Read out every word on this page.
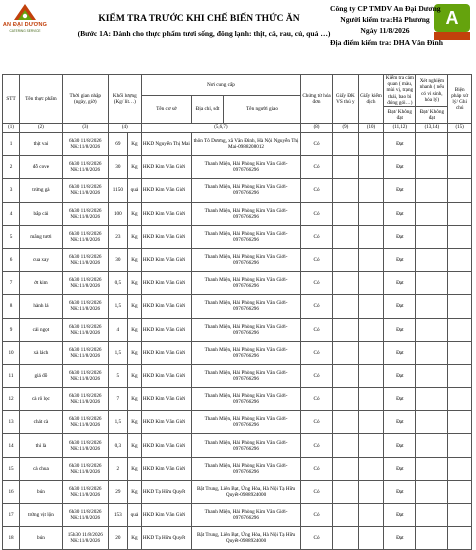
AN ĐẠI DƯƠNG
CATERING SERVICE
A
KIỂM TRA TRƯỚC KHI CHẾ BIẾN THỨC ĂN
(Bước 1A: Dành cho thực phẩm tươi sống, đông lạnh: thịt, cá, rau, củ, quả …)
Công ty CP TMDV An Đại Dương
Người kiểm tra:Hà Phương
Ngày 11/8/2026
Địa điểm kiểm tra: DHA Văn Đình
STT	Tên thực phẩm	Thời gian nhập (ngày, giờ)	Khối lượng (Kg/ lít…)		Nơi cung cấp			Chứng từ hóa đơn	Giấy ĐK VS thú y	Giấy kiểm dịch	Kiểm tra cảm quan ( màu, mùi vị, trạng thái, bao bì đóng gói…)	Xét nghiệm nhanh ( nếu có vi sinh, hóa lý)	Biện pháp xử lý/ Ghi chú
					Tên cơ sở	Địa chỉ, sđt	Tên người giao						
											Đạt/ Không đạt	Đạt/ Không đạt	
(1)	(2)	(3)	(4)		(5,6,7)			(8)	(9)	(10)	(11,12)	(13,14)	(15)
1	thịt vai	6h30 11/8/2026 NK:11/8/2026	69	Kg	HKD Nguyễn Thị Mai	thôn Tô Dương, xã Văn Đình, Hà Nội Nguyễn Thị Mai-0988208012		Có			Đạt		
2	đỗ cove	6h30 11/8/2026 NK:11/8/2026	30	Kg	HKD Kim Văn Giới	Thanh Miện, Hải Phòng Kim Văn Giới-0976766296		Có			Đạt		
3	trứng gà	6h30 11/8/2026 NK:11/8/2026	1150	quả	HKD Kim Văn Giới	Thanh Miện, Hải Phòng Kim Văn Giới-0976766296		Có			Đạt		
4	bắp cải	6h30 11/8/2026 NK:11/8/2026	100	Kg	HKD Kim Văn Giới	Thanh Miện, Hải Phòng Kim Văn Giới-0976766296		Có			Đạt		
5	măng tươi	6h30 11/8/2026 NK:11/8/2026	23	Kg	HKD Kim Văn Giới	Thanh Miện, Hải Phòng Kim Văn Giới-0976766296		Có			Đạt		
6	cua xay	6h30 11/8/2026 NK:11/8/2026	30	Kg	HKD Kim Văn Giới	Thanh Miện, Hải Phòng Kim Văn Giới-0976766296		Có			Đạt		
7	ớt kim	6h30 11/8/2026 NK:11/8/2026	0,5	Kg	HKD Kim Văn Giới	Thanh Miện, Hải Phòng Kim Văn Giới-0976766296		Có			Đạt		
8	hành lá	6h30 11/8/2026 NK:11/8/2026	1,5	Kg	HKD Kim Văn Giới	Thanh Miện, Hải Phòng Kim Văn Giới-0976766296		Có			Đạt		
9	cải ngọt	6h30 11/8/2026 NK:11/8/2026	4	Kg	HKD Kim Văn Giới	Thanh Miện, Hải Phòng Kim Văn Giới-0976766296		Có			Đạt		
10	xà lách	6h30 11/8/2026 NK:11/8/2026	1,5	Kg	HKD Kim Văn Giới	Thanh Miện, Hải Phòng Kim Văn Giới-0976766296		Có			Đạt		
11	giá đỗ	6h30 11/8/2026 NK:11/8/2026	5	Kg	HKD Kim Văn Giới	Thanh Miện, Hải Phòng Kim Văn Giới-0976766296		Có			Đạt		
12	cà rô lọc	6h30 11/8/2026 NK:11/8/2026	7	Kg	HKD Kim Văn Giới	Thanh Miện, Hải Phòng Kim Văn Giới-0976766296		Có			Đạt		
13	chát cà	6h30 11/8/2026 NK:11/8/2026	1,5	Kg	HKD Kim Văn Giới	Thanh Miện, Hải Phòng Kim Văn Giới-0976766296		Có			Đạt		
14	thì là	6h30 11/8/2026 NK:11/8/2026	0,3	Kg	HKD Kim Văn Giới	Thanh Miện, Hải Phòng Kim Văn Giới-0976766296		Có			Đạt		
15	cà chua	6h30 11/8/2026 NK:11/8/2026	2	Kg	HKD Kim Văn Giới	Thanh Miện, Hải Phòng Kim Văn Giới-0976766296		Có			Đạt		
16	bún	6h30 11/8/2026 NK:11/8/2026	29	Kg	HKD Tạ Hữu Quyết	Bặt Trung, Liên Bạt, Ứng Hòa, Hà Nội Tạ Hữu Quyết-0988924000		Có			Đạt		
17	trứng vịt lộn	6h30 11/8/2026 NK:11/8/2026	153	quả	HKD Kim Văn Giới	Thanh Miện, Hải Phòng Kim Văn Giới-0976766296		Có			Đạt		
18	bún	15h30 11/8/2026 NK:11/8/2026	20	Kg	HKD Tạ Hữu Quyết	Bặt Trung, Liên Bạt, Ứng Hòa, Hà Nội Tạ Hữu Quyết-0988924000		Có			Đạt		
